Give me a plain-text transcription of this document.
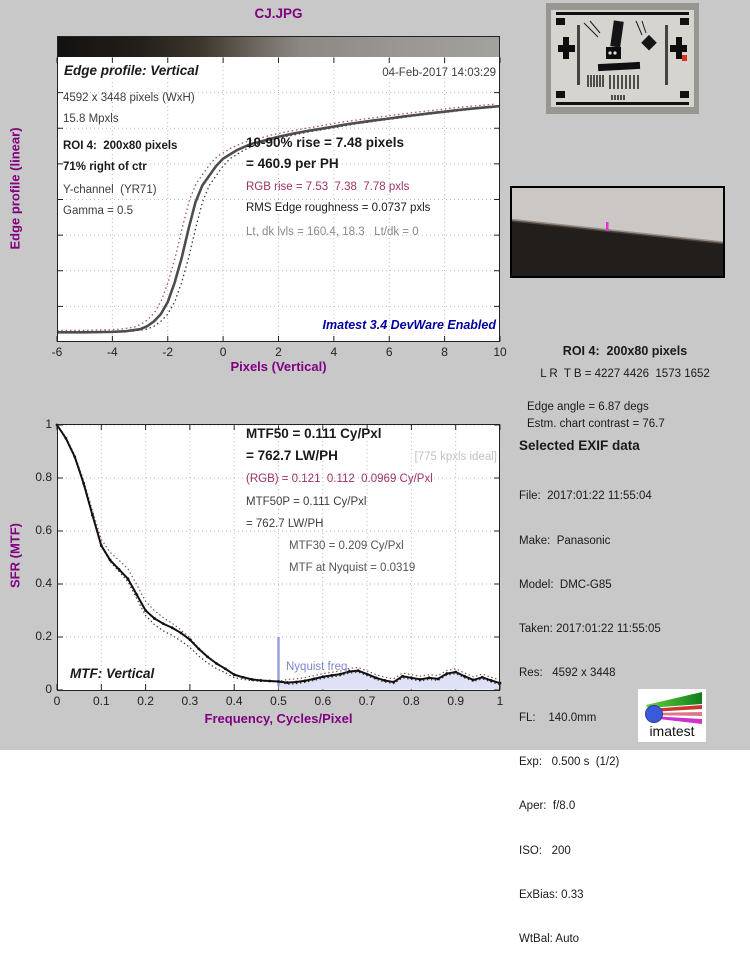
CJ.JPG
Edge profile: Vertical	04-Feb-2017 14:03:29
4592 x 3448 pixels (WxH)
15.8 Mpxls
ROI 4:  200x80 pixels
71% right of ctr
Y-channel  (YR71)
Gamma = 0.5
10-90% rise = 7.48 pixels
= 460.9 per PH
RGB rise = 7.53  7.38  7.78 pxls
RMS Edge roughness = 0.0737 pxls
Lt, dk lvls = 160.4, 18.3   Lt/dk = 0
Imatest 3.4 DevWare Enabled
-6	-4	-2	0	2	4	6	8	10
Pixels (Vertical)
Edge profile (linear)
MTF50 = 0.111 Cy/Pxl
= 762.7 LW/PH	[775 kpxls ideal]
(RGB) = 0.121  0.112  0.0969 Cy/Pxl
MTF50P = 0.111 Cy/Pxl
= 762.7 LW/PH
MTF30 = 0.209 Cy/Pxl
MTF at Nyquist = 0.0319
MTF: Vertical	Nyquist freq.
0	0.1	0.2	0.3	0.4	0.5	0.6	0.7	0.8	0.9	1
0
0.2
0.4
0.6
0.8
1
Frequency, Cycles/Pixel
SFR (MTF)
ROI 4:  200x80 pixels
L R  T B = 4227 4426  1573 1652
Edge angle = 6.87 degs
Estm. chart contrast = 76.7
Selected EXIF data

File:  2017:01:22 11:55:04

Make:  Panasonic

Model:  DMC-G85

Taken: 2017:01:22 11:55:05

Res:   4592 x 3448

FL:    140.0mm

Exp:   0.500 s  (1/2)

Aper:  f/8.0

ISO:   200

ExBias: 0.33

WtBal: Auto

imatest
